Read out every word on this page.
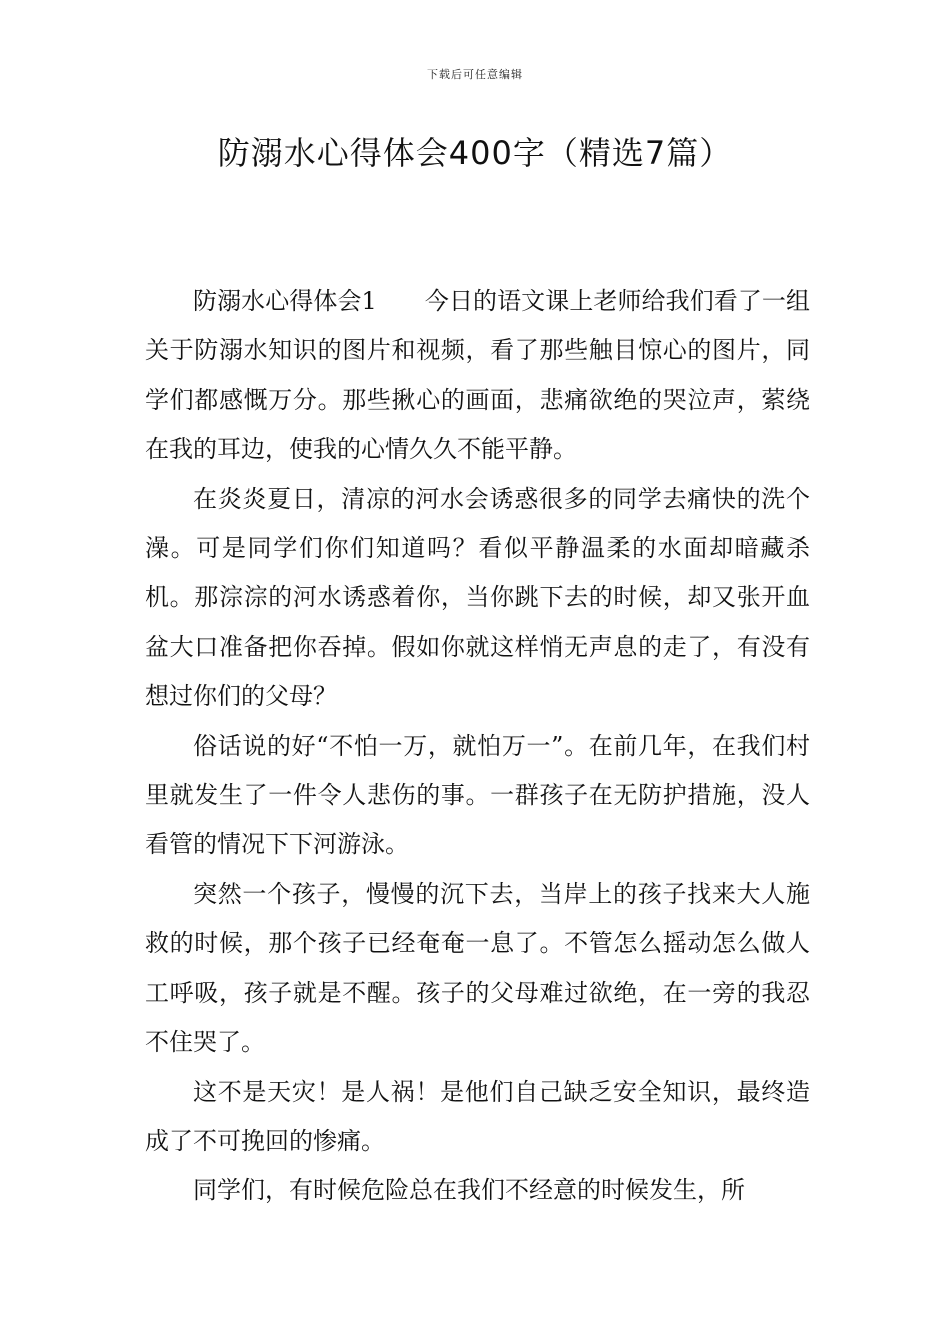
下载后可任意编辑
防溺水心得体会400字（精选7篇）

防溺水心得体会1 今日的语文课上老师给我们看了一组关于防溺水知识的图片和视频，看了那些触目惊心的图片，同学们都感慨万分。那些揪心的画面，悲痛欲绝的哭泣声，萦绕在我的耳边，使我的心情久久不能平静。

在炎炎夏日，清凉的河水会诱惑很多的同学去痛快的洗个澡。可是同学们你们知道吗？看似平静温柔的水面却暗藏杀机。那淙淙的河水诱惑着你，当你跳下去的时候，却又张开血盆大口准备把你吞掉。假如你就这样悄无声息的走了，有没有想过你们的父母？

俗话说的好“不怕一万，就怕万一”。在前几年，在我们村里就发生了一件令人悲伤的事。一群孩子在无防护措施，没人看管的情况下下河游泳。

突然一个孩子，慢慢的沉下去，当岸上的孩子找来大人施救的时候，那个孩子已经奄奄一息了。不管怎么摇动怎么做人工呼吸，孩子就是不醒。孩子的父母难过欲绝，在一旁的我忍不住哭了。

这不是天灾！是人祸！是他们自己缺乏安全知识，最终造成了不可挽回的惨痛。

同学们，有时候危险总在我们不经意的时候发生，所
